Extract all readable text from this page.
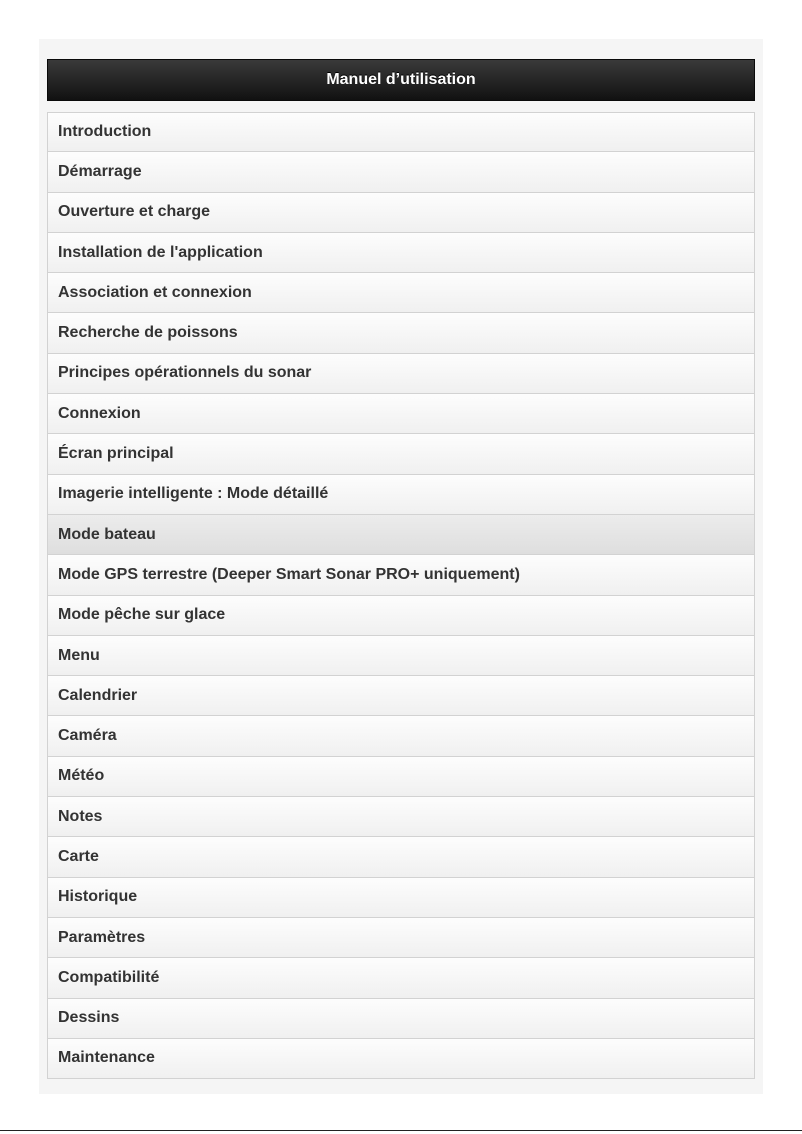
Manuel d’utilisation
Introduction
Démarrage
Ouverture et charge
Installation de l'application
Association et connexion
Recherche de poissons
Principes opérationnels du sonar
Connexion
Écran principal
Imagerie intelligente : Mode détaillé
Mode bateau
Mode GPS terrestre (Deeper Smart Sonar PRO+ uniquement)
Mode pêche sur glace
Menu
Calendrier
Caméra
Météo
Notes
Carte
Historique
Paramètres
Compatibilité
Dessins
Maintenance
